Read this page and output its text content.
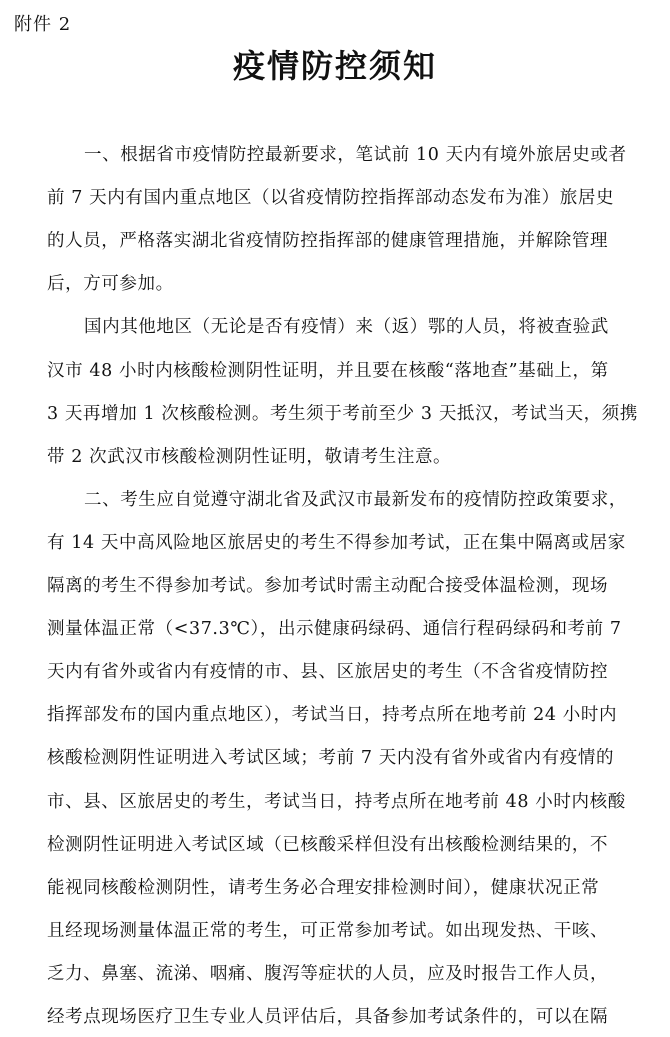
附件 2
疫情防控须知
一、根据省市疫情防控最新要求，笔试前 10 天内有境外旅居史或者
前 7 天内有国内重点地区（以省疫情防控指挥部动态发布为准）旅居史
的人员，严格落实湖北省疫情防控指挥部的健康管理措施，并解除管理
后，方可参加。
国内其他地区（无论是否有疫情）来（返）鄂的人员，将被查验武
汉市 48 小时内核酸检测阴性证明，并且要在核酸“落地查”基础上，第
3 天再增加 1 次核酸检测。考生须于考前至少 3 天抵汉，考试当天，须携
带 2 次武汉市核酸检测阴性证明，敬请考生注意。
二、考生应自觉遵守湖北省及武汉市最新发布的疫情防控政策要求，
有 14 天中高风险地区旅居史的考生不得参加考试，正在集中隔离或居家
隔离的考生不得参加考试。参加考试时需主动配合接受体温检测，现场
测量体温正常（<37.3℃），出示健康码绿码、通信行程码绿码和考前 7
天内有省外或省内有疫情的市、县、区旅居史的考生（不含省疫情防控
指挥部发布的国内重点地区），考试当日，持考点所在地考前 24 小时内
核酸检测阴性证明进入考试区域；考前 7 天内没有省外或省内有疫情的
市、县、区旅居史的考生，考试当日，持考点所在地考前 48 小时内核酸
检测阴性证明进入考试区域（已核酸采样但没有出核酸检测结果的，不
能视同核酸检测阴性，请考生务必合理安排检测时间），健康状况正常
且经现场测量体温正常的考生，可正常参加考试。如出现发热、干咳、
乏力、鼻塞、流涕、咽痛、腹泻等症状的人员，应及时报告工作人员，
经考点现场医疗卫生专业人员评估后，具备参加考试条件的，可以在隔
